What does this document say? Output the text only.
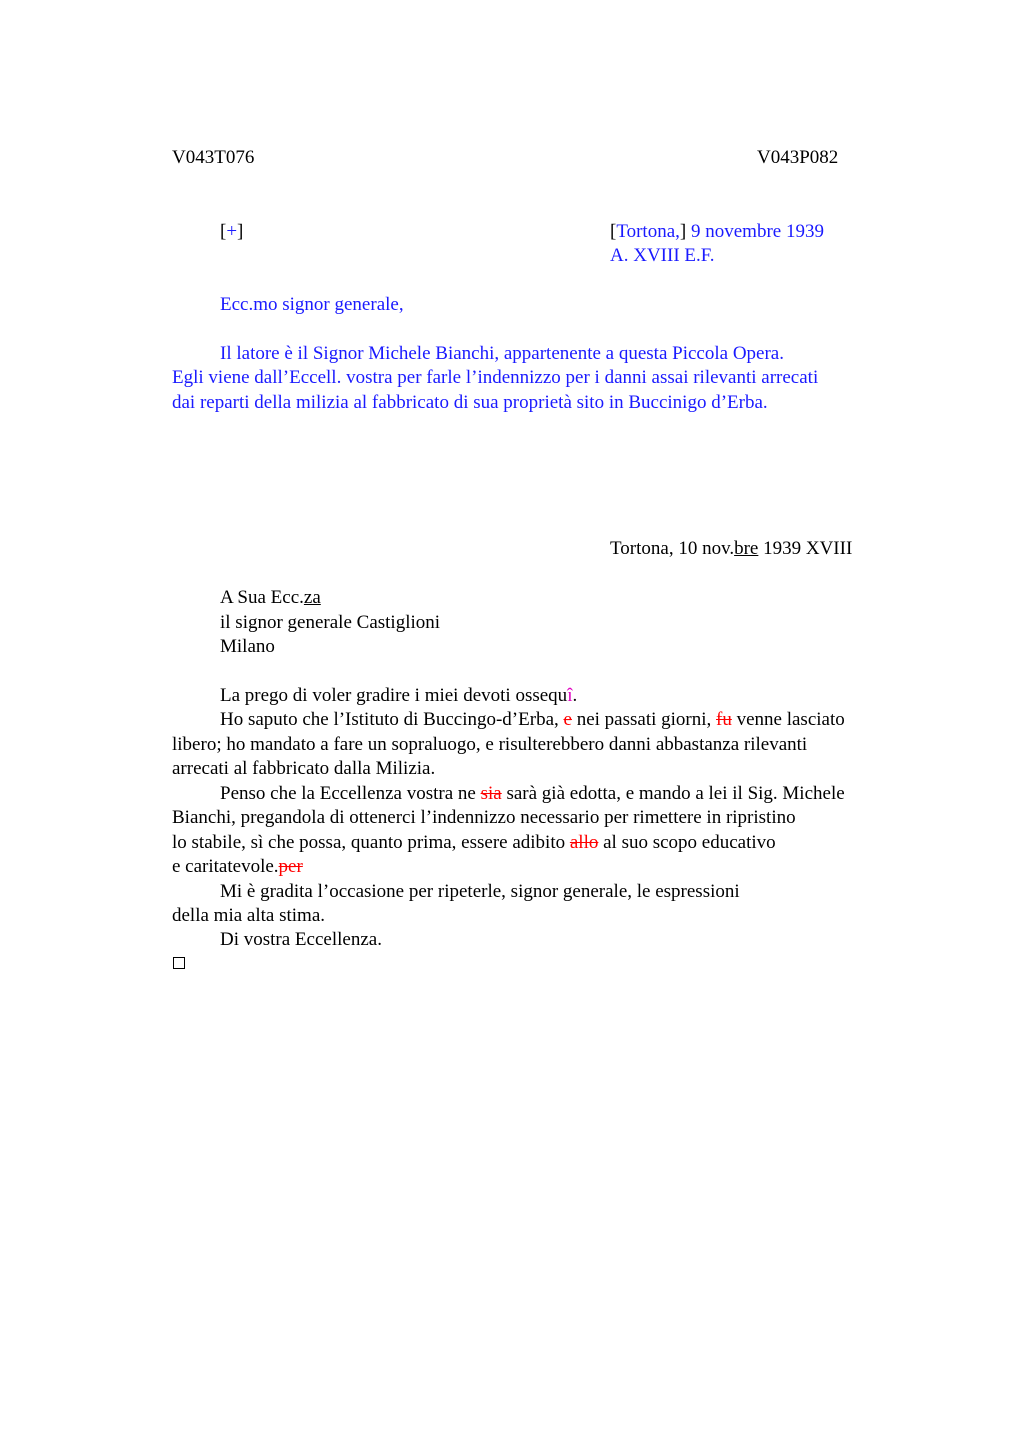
V043T076	V043P082
[+]	[Tortona,] 9 novembre 1939
A. XVIII E.F.
Ecc.mo signor generale,
Il latore è il Signor Michele Bianchi, appartenente a questa Piccola Opera.
Egli viene dall’Eccell. vostra per farle l’indennizzo per i danni assai rilevanti arrecati
dai reparti della milizia al fabbricato di sua proprietà sito in Buccinigo d’Erba.
Tortona, 10 nov.bre 1939 XVIII
A Sua Ecc.za
il signor generale Castiglioni
Milano
La prego di voler gradire i miei devoti ossequî.
Ho saputo che l’Istituto di Buccingo-d’Erba, e nei passati giorni, fu venne lasciato
libero; ho mandato a fare un sopraluogo, e risulterebbero danni abbastanza rilevanti
arrecati al fabbricato dalla Milizia.
Penso che la Eccellenza vostra ne sia sarà già edotta, e mando a lei il Sig. Michele
Bianchi, pregandola di ottenerci l’indennizzo necessario per rimettere in ripristino
lo stabile, sì che possa, quanto prima, essere adibito allo al suo scopo educativo
e caritatevole.per
Mi è gradita l’occasione per ripeterle, signor generale, le espressioni
della mia alta stima.
Di vostra Eccellenza.
